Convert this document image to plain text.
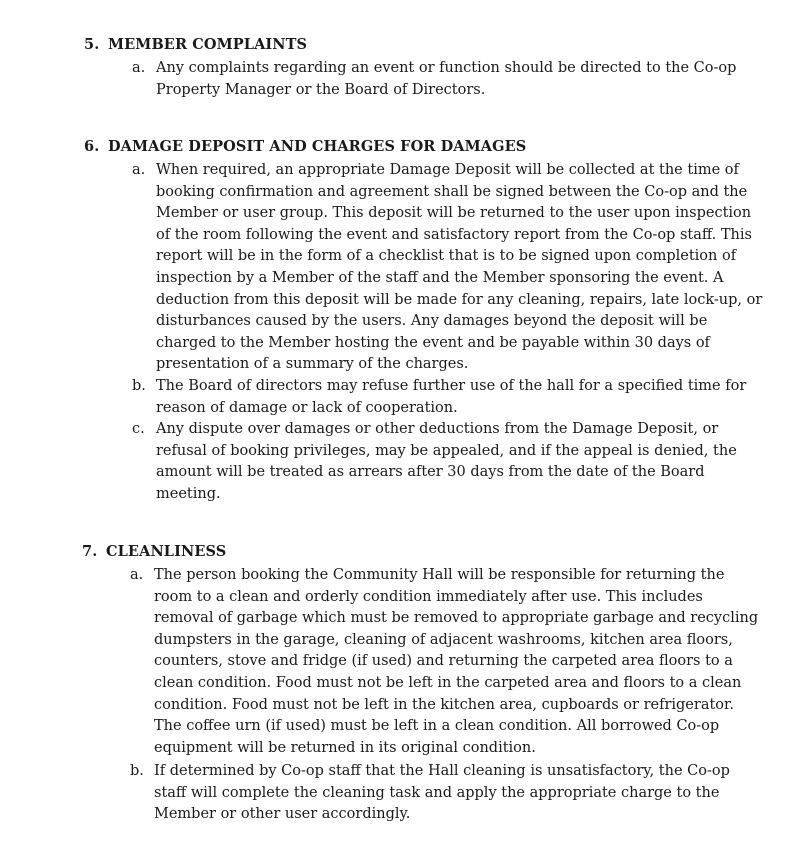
5. MEMBER COMPLAINTS
a. Any complaints regarding an event or function should be directed to the Co-op
Property Manager or the Board of Directors.
6. DAMAGE DEPOSIT AND CHARGES FOR DAMAGES
a. When required, an appropriate Damage Deposit will be collected at the time of
booking confirmation and agreement shall be signed between the Co-op and the
Member or user group. This deposit will be returned to the user upon inspection
of the room following the event and satisfactory report from the Co-op staff. This
report will be in the form of a checklist that is to be signed upon completion of
inspection by a Member of the staff and the Member sponsoring the event. A
deduction from this deposit will be made for any cleaning, repairs, late lock-up, or
disturbances caused by the users. Any damages beyond the deposit will be
charged to the Member hosting the event and be payable within 30 days of
presentation of a summary of the charges.
b. The Board of directors may refuse further use of the hall for a specified time for
reason of damage or lack of cooperation.
c. Any dispute over damages or other deductions from the Damage Deposit, or
refusal of booking privileges, may be appealed, and if the appeal is denied, the
amount will be treated as arrears after 30 days from the date of the Board
meeting.
7. CLEANLINESS
a. The person booking the Community Hall will be responsible for returning the
room to a clean and orderly condition immediately after use. This includes
removal of garbage which must be removed to appropriate garbage and recycling
dumpsters in the garage, cleaning of adjacent washrooms, kitchen area floors,
counters, stove and fridge (if used) and returning the carpeted area floors to a
clean condition. Food must not be left in the carpeted area and floors to a clean
condition. Food must not be left in the kitchen area, cupboards or refrigerator.
The coffee urn (if used) must be left in a clean condition. All borrowed Co-op
equipment will be returned in its original condition.
b. If determined by Co-op staff that the Hall cleaning is unsatisfactory, the Co-op
staff will complete the cleaning task and apply the appropriate charge to the
Member or other user accordingly.
